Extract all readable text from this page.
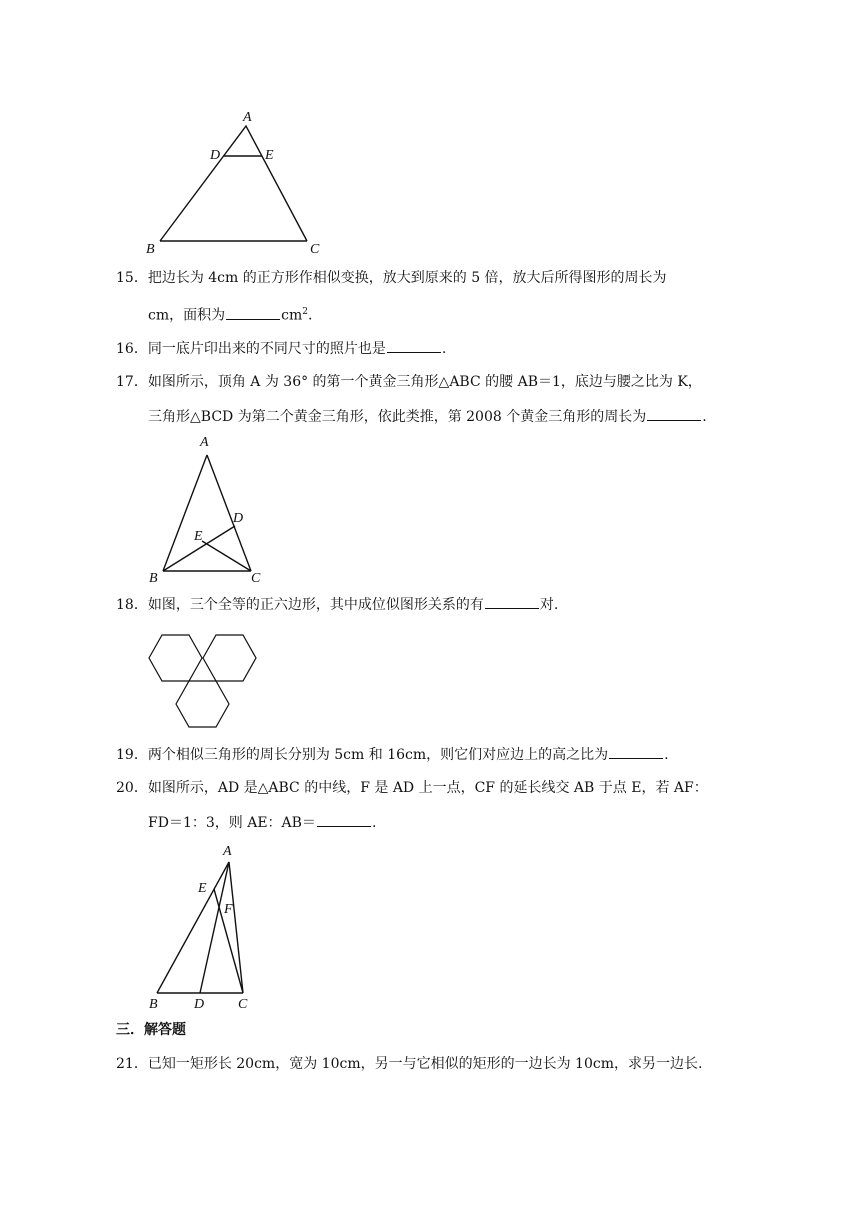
A
D	E
B	C
15．把边长为 4cm 的正方形作相似变换，放大到原来的 5 倍，放大后所得图形的周长为
cm，面积为	$cm^2$.
16．同一底片印出来的不同尺寸的照片也是	.
17．如图所示，顶角 A 为 36° 的第一个黄金三角形△ABC 的腰 AB＝1，底边与腰之比为 K，
三角形△BCD 为第二个黄金三角形，依此类推，第 2008 个黄金三角形的周长为	.
A
D
E
B	C
18．如图，三个全等的正六边形，其中成位似图形关系的有	对.
19．两个相似三角形的周长分别为 5cm 和 16cm，则它们对应边上的高之比为	.
20．如图所示，AD 是△ABC 的中线，F 是 AD 上一点，CF 的延长线交 AB 于点 E，若 AF：
FD＝1：3，则 AE：AB＝	.
A
E
F
B	D C
三．解答题
21．已知一矩形长 20cm，宽为 10cm，另一与它相似的矩形的一边长为 10cm，求另一边长.
